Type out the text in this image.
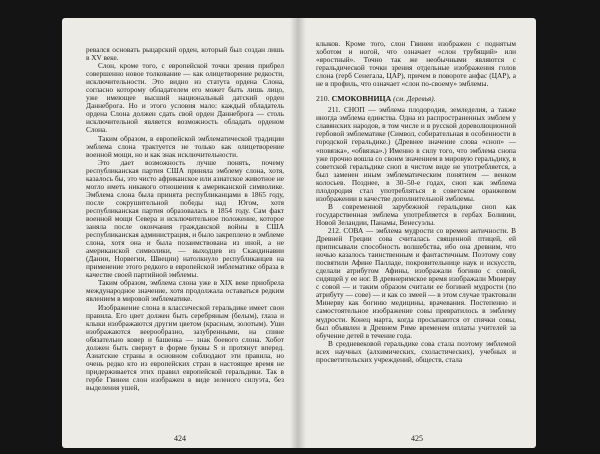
ревался основать рыцарский орден, который был создан лишь в XV веке.

Слон, кроме того, с европейской точки зрения прибрел совершенно новое толкование — как олицетворение редкости, исключительности. Это видно из статута ордена Слона, согласно которому обладателем его может быть лишь лицо, уже имеющее высший национальный датский орден Даннеброга. Но и этого условия мало: каждый обладатель ордена Слона должен сдать свой орден Даннеброга — столь исключительной является возможность обладать орденом Слона.

Таким образом, в европейской эмблематической традиции эмблема слона трактуется не только как олицетворение военной мощи, но и как знак исключительности.

Это дает возможность лучше понять, почему республиканская партия США приняла эмблему слона, хотя, казалось бы, это чисто африканское или азиатское животное не могло иметь никакого отношения к американской символике. Эмблема слона была принята республиканцами в 1865 году, после сокрушительной победы над Югом, хотя республиканская партия образовалась в 1854 году. Сам факт военной мощи Севера и исключительное положение, которое заняла после окончания гражданской войны в США республиканская администрация, и было закреплено в эмблеме слона, хотя она и была позаимствована из иной, а не американской символики, — выходцев из Скандинавии (Дании, Норвегии, Швеции) натолкнуло республиканцев на применение этого редкого в европейской эмблематике образа в качестве своей партийной эмблемы.

Таким образом, эмблема слона уже в XIX веке приобрела международное значение, хотя продолжала оставаться редким явлением в мировой эмблематике.

Изображение слона в классической геральдике имеет свои правила. Его цвет должен быть серебряным (белым), глаза и клыки изображаются другим цветом (красным, золотым). Уши изображаются веерообразно, зазубренными, на спине обязательно ковер и башенка — знак боевого слона. Хобот должен быть свернут в форме буквы S и протянут вперед. Азиатские страны в основном соблюдают эти правила, но очень редко кто из европейских стран в настоящее время не придерживается этих правил европейской геральдики. Так в гербе Гвинеи слон изображен в виде зеленого силуэта, без выделения ушей,

424

клыков. Кроме того, слон Гвинеи изображен с поднятым хоботом и ногой, что означает «слон трубящий» или «яростный». Точно так же необычными являются с геральдической точки зрения отдельные изображения голов слона (герб Сенегала, ЦАР), причем в повороте анфас (ЦАР), а не в профиль, что означает «слон по-своему» эмблемы.

210. СМОКОВНИЦА (см. Деревья).

211. СНОП — эмблема плодородия, земледелия, а также иногда эмблема единства. Одна из распространенных эмблем у славянских народов, в том числе и в русской дореволюционной гербовой эмблематике (Символ, собирательная в особенности в городской геральдике.) (Древнее значение слова «сноп» — «повязка», «обвязка».) Именно в силу того, что эмблема снопа уже прочно вошла со своим значением в мировую геральдику, в советской геральдике сноп в чистом виде не употребляется, а был заменен иным эмблематическим понятием — венком колосьев. Позднее, в 30–50-е годах, сноп как эмблема плодородия стал употребляться в советском оранжевом изображении в качестве дополнительной эмблемы.

В современной зарубежной геральдике сноп как государственная эмблема употребляется в гербах Боливии, Новой Зеландии, Панамы, Венесуэлы.

212. СОВА — эмблема мудрости со времен античности. В Древней Греции сова считалась священной птицей, ей приписывали способность волшебства, ибо она древним, что ночью казалось таинственным и фантастичным. Поэтому сову посвятили Афине Палладе, покровительнице наук и искусств, сделали атрибутом Афины, изображали богиню с совой, сидящей у ее ног. В древнеримское время изображали Минерву с совой — и таким образом считали ее богиней мудрости (по атрибуту — сове) — и как со змеей — в этом случае трактовали Минерву как богиню медицины, врачевания. Постепенно и самостоятельное изображение совы превратилось в эмблему мудрости. Конец марта, когда просыпаются от спячки совы, был объявлен в Древнем Риме временем оплаты учителей за обучение детей в течение года.

В средневековой геральдике сова стала поэтому эмблемой всех научных (алхимических, схоластических), учебных и просветительских учреждений, обществ, стала

425
